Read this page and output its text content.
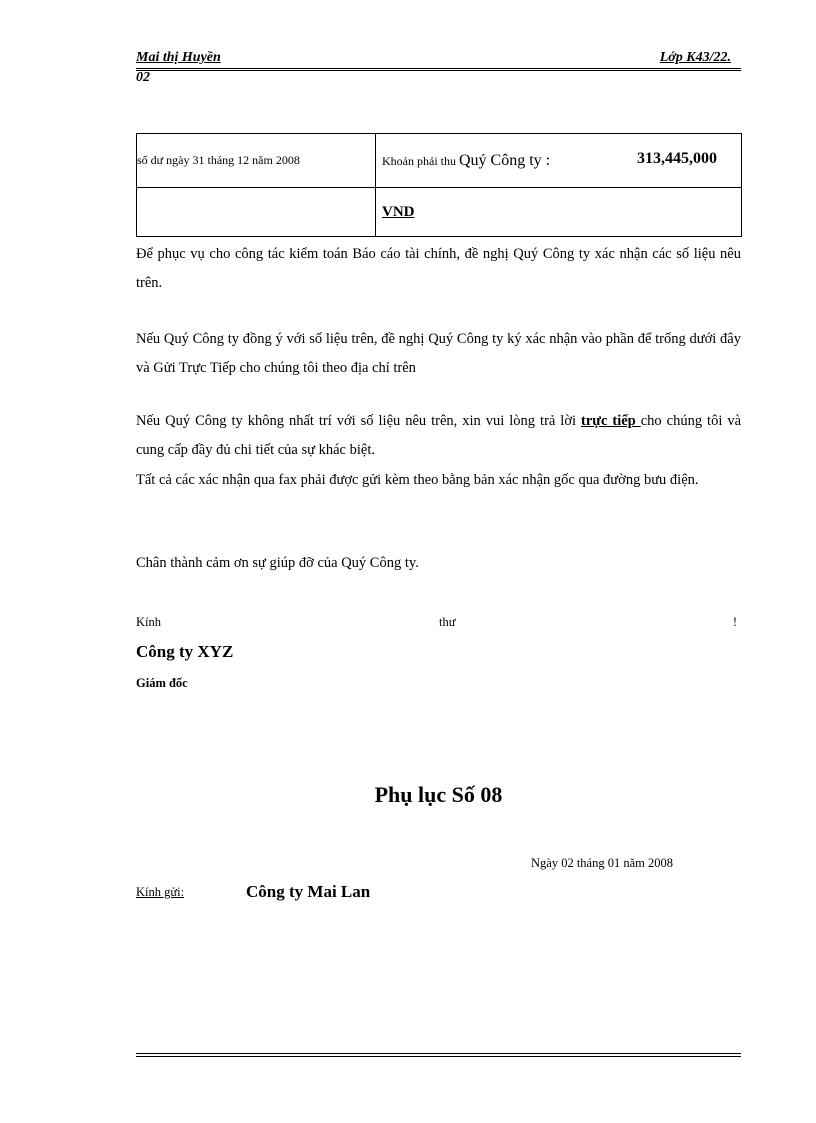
Mai thị Huyền	Lớp K43/22.
02
số dư ngày 31 tháng 12 năm 2008	Khoản phải thu Quý Công ty : 313,445,000

	VND

Để phục vụ cho công tác kiểm toán Báo cáo tài chính, đề nghị Quý Công ty xác nhận các số liệu nêu trên.

Nếu Quý Công ty đồng ý với số liệu trên, đề nghị Quý Công ty ký xác nhận vào phần để trống dưới đây và Gửi Trực Tiếp cho chúng tôi theo địa chỉ trên

Nếu Quý Công ty không nhất trí với số liệu nêu trên, xin vui lòng trả lời trực tiếp cho chúng tôi và cung cấp đầy đủ chi tiết của sự khác biệt.

Tất cả các xác nhận qua fax phải được gửi kèm theo bằng bản xác nhận gốc qua đường bưu điện.

Chân thành cảm ơn sự giúp đỡ của Quý Công ty.

Kính	thư	!
Công ty XYZ
Giám đốc
Phụ lục Số 08
Ngày 02 tháng 01 năm 2008
Kính gửi:	Công ty Mai Lan
